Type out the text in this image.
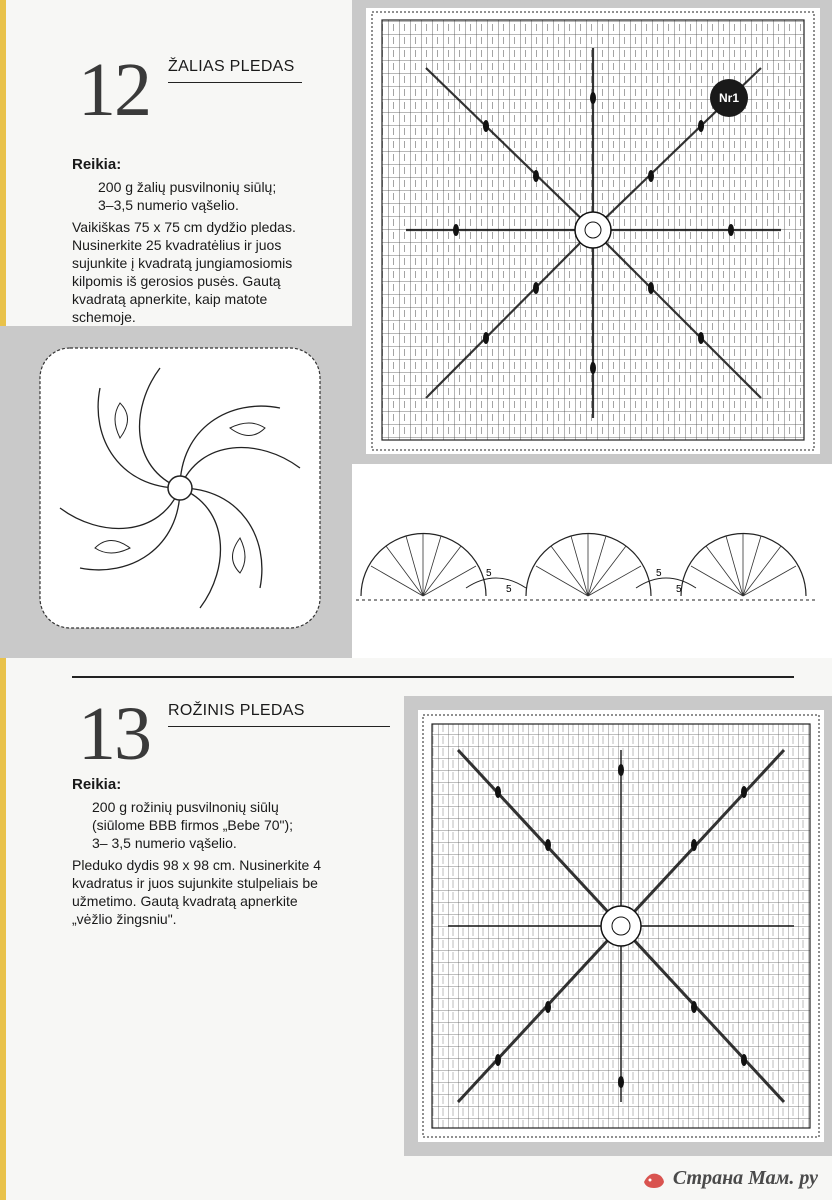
12 ŽALIAS PLEDAS
Reikia:
200 g žalių pusvilnonių siūlų;
3–3,5 numerio vąšelio.
Vaikiškas 75 x 75 cm dydžio pledas.
Nusinerkite 25 kvadratėlius ir juos
sujunkite į kvadratą jungiamosiomis
kilpomis iš gerosios pusės. Gautą
kvadratą apnerkite, kaip matote
schemoje.
Nr1
5
5
5
5
13 ROŽINIS PLEDAS
Reikia:
200 g rožinių pusvilnonių siūlų
(siūlome BBB firmos „Bebe 70");
3– 3,5 numerio vąšelio.
Pleduko dydis 98 x 98 cm. Nusinerkite 4
kvadratus ir juos sujunkite stulpeliais be
užmetimo. Gautą kvadratą apnerkite
„vėžlio žingsniu".
Страна Мам. ру
